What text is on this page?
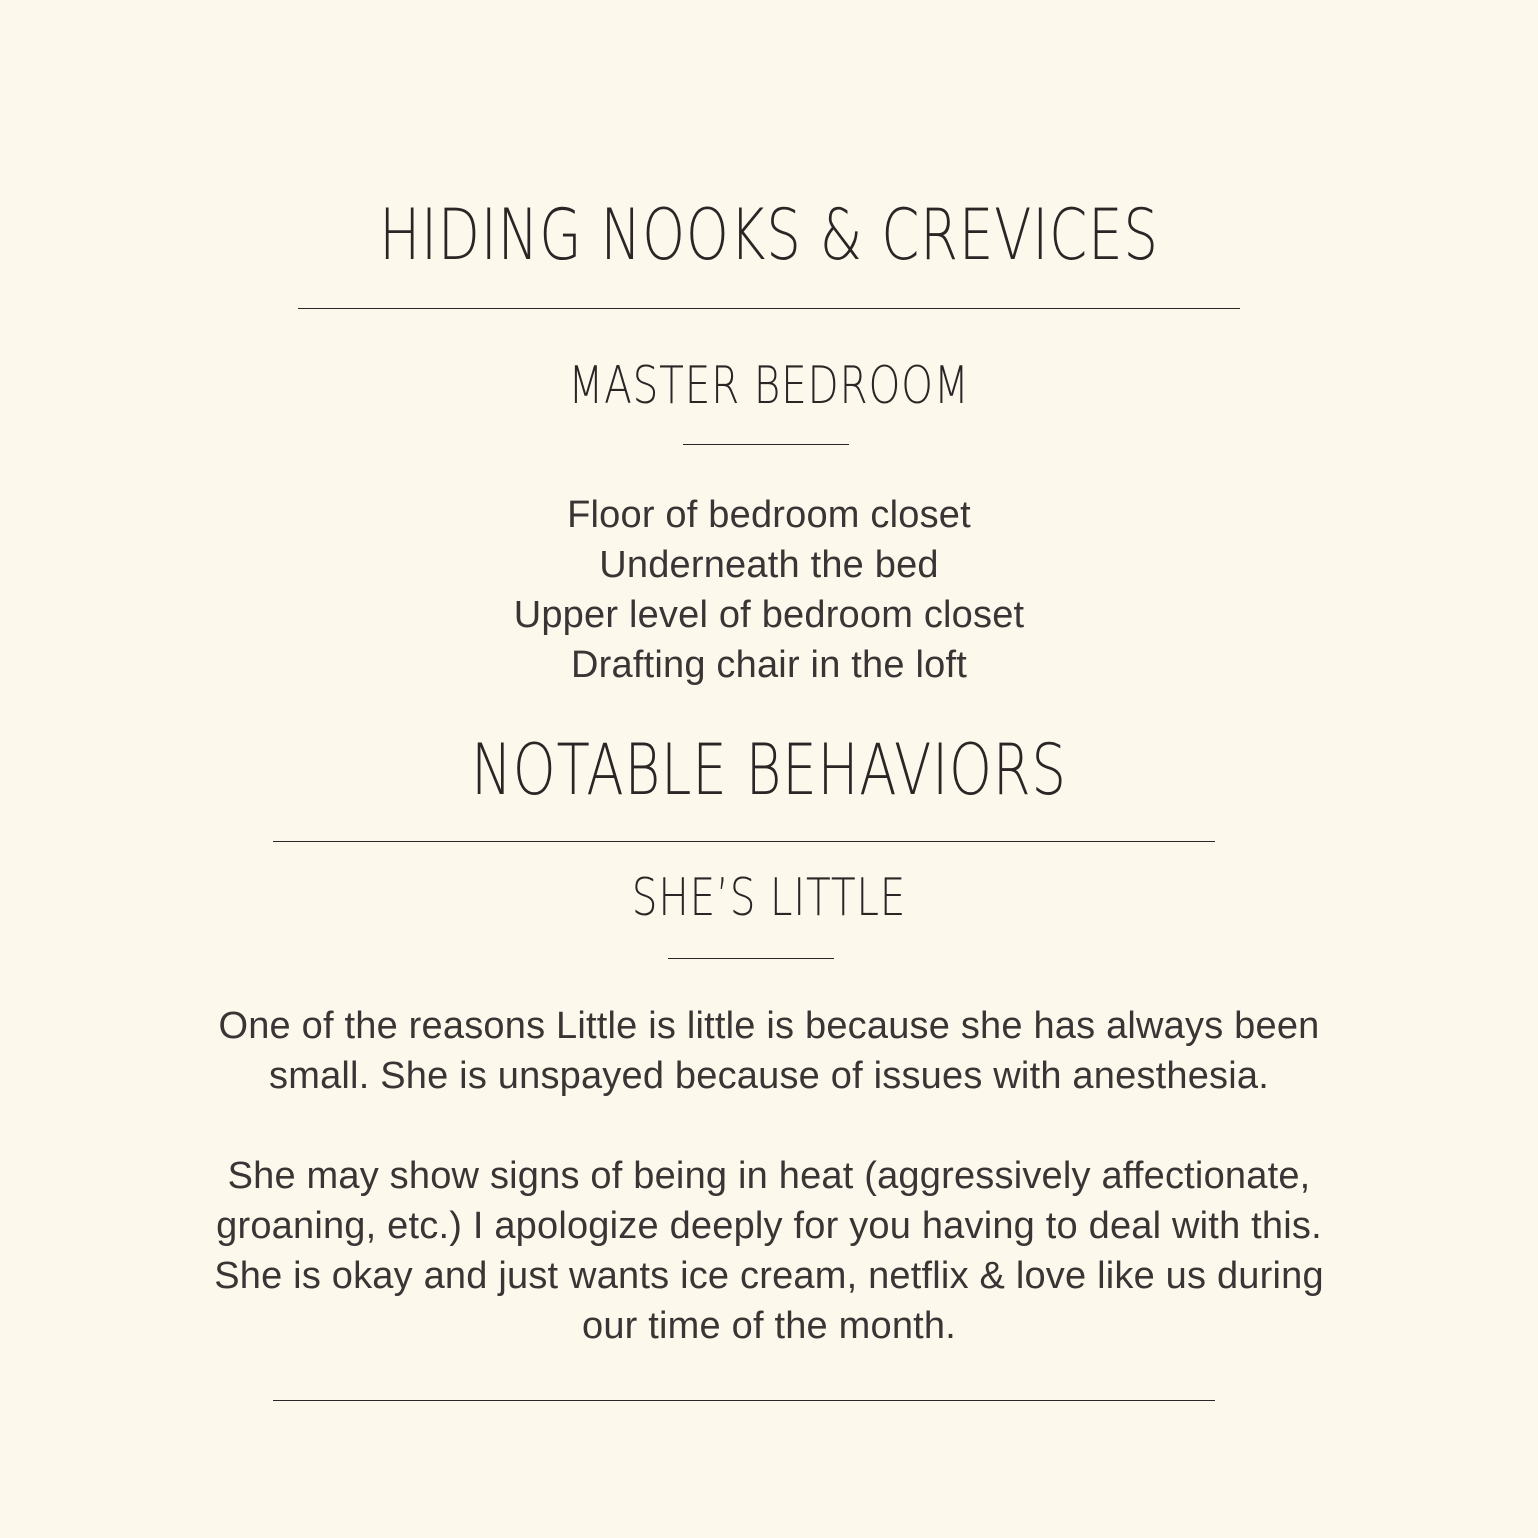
HIDING NOOKS & CREVICES
MASTER BEDROOM
Floor of bedroom closet
Underneath the bed
Upper level of bedroom closet
Drafting chair in the loft
NOTABLE BEHAVIORS
SHE’S LITTLE
One of the reasons Little is little is because she has always been
small. She is unspayed because of issues with anesthesia.
She may show signs of being in heat (aggressively affectionate,
groaning, etc.) I apologize deeply for you having to deal with this.
She is okay and just wants ice cream, netflix & love like us during
our time of the month.
